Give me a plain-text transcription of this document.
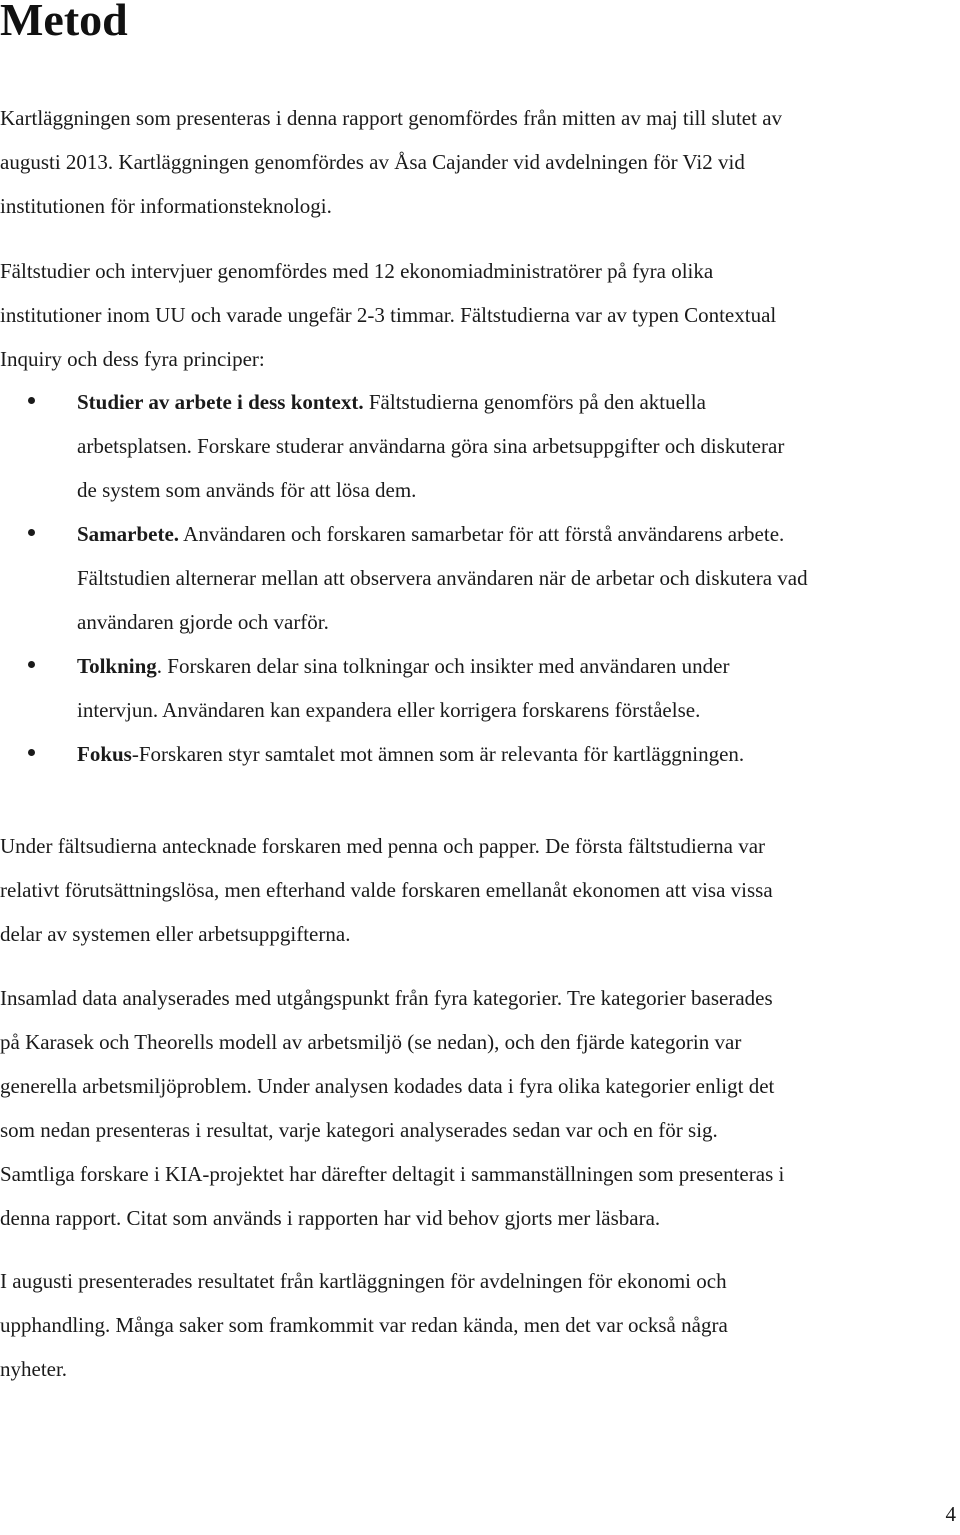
Metod
Kartläggningen som presenteras i denna rapport genomfördes från mitten av maj till slutet av
augusti 2013. Kartläggningen genomfördes av Åsa Cajander vid avdelningen för Vi2 vid
institutionen för informationsteknologi.
Fältstudier och intervjuer genomfördes med 12 ekonomiadministratörer på fyra olika
institutioner inom UU och varade ungefär 2-3 timmar. Fältstudierna var av typen Contextual
Inquiry och dess fyra principer:
Studier av arbete i dess kontext. Fältstudierna genomförs på den aktuella
arbetsplatsen. Forskare studerar användarna göra sina arbetsuppgifter och diskuterar
de system som används för att lösa dem.
Samarbete. Användaren och forskaren samarbetar för att förstå användarens arbete.
Fältstudien alternerar mellan att observera användaren när de arbetar och diskutera vad
användaren gjorde och varför.
Tolkning. Forskaren delar sina tolkningar och insikter med användaren under
intervjun. Användaren kan expandera eller korrigera forskarens förståelse.
Fokus-Forskaren styr samtalet mot ämnen som är relevanta för kartläggningen.
Under fältsudierna antecknade forskaren med penna och papper. De första fältstudierna var
relativt förutsättningslösa, men efterhand valde forskaren emellanåt ekonomen att visa vissa
delar av systemen eller arbetsuppgifterna.
Insamlad data analyserades med utgångspunkt från fyra kategorier. Tre kategorier baserades
på Karasek och Theorells modell av arbetsmiljö (se nedan), och den fjärde kategorin var
generella arbetsmiljöproblem. Under analysen kodades data i fyra olika kategorier enligt det
som nedan presenteras i resultat, varje kategori analyserades sedan var och en för sig.
Samtliga forskare i KIA-projektet har därefter deltagit i sammanställningen som presenteras i
denna rapport. Citat som används i rapporten har vid behov gjorts mer läsbara.
I augusti presenterades resultatet från kartläggningen för avdelningen för ekonomi och
upphandling. Många saker som framkommit var redan kända, men det var också några
nyheter.
4
